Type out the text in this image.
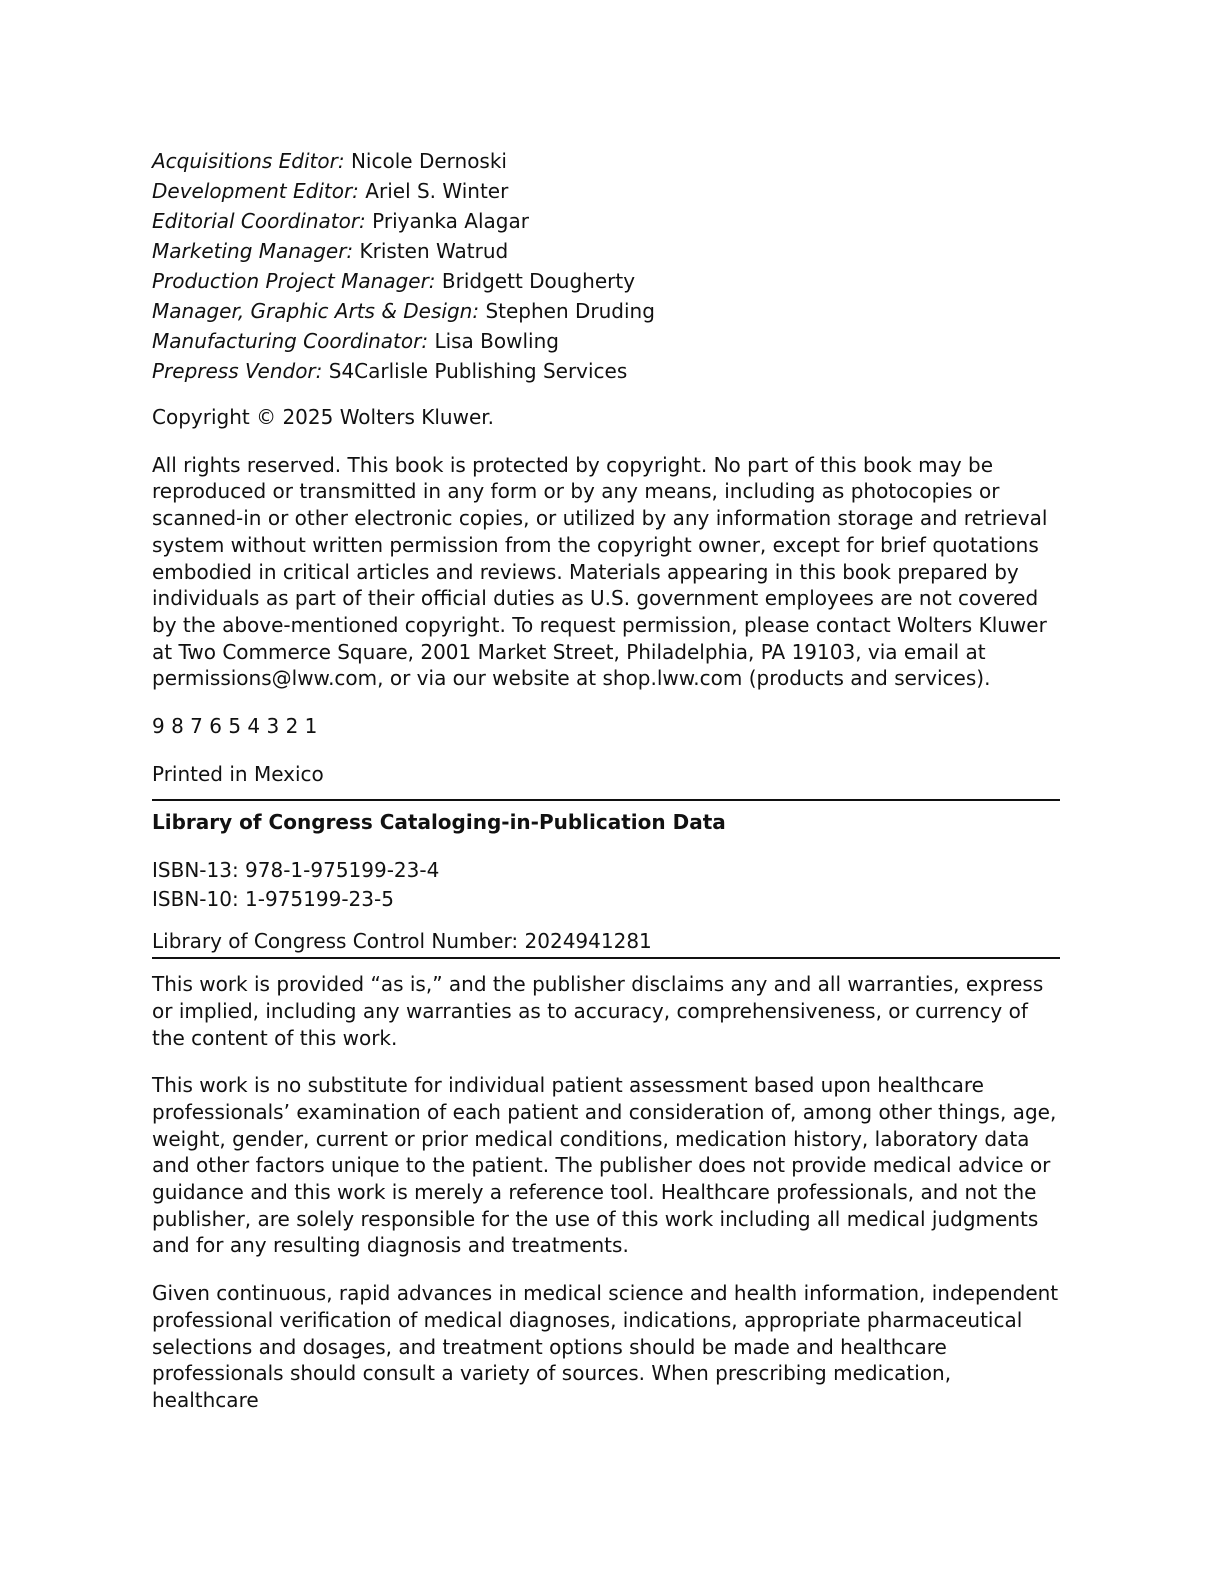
Acquisitions Editor: Nicole Dernoski
Development Editor: Ariel S. Winter
Editorial Coordinator: Priyanka Alagar
Marketing Manager: Kristen Watrud
Production Project Manager: Bridgett Dougherty
Manager, Graphic Arts & Design: Stephen Druding
Manufacturing Coordinator: Lisa Bowling
Prepress Vendor: S4Carlisle Publishing Services

Copyright © 2025 Wolters Kluwer.

All rights reserved. This book is protected by copyright. No part of this book may be reproduced or transmitted in any form or by any means, including as photocopies or scanned-in or other electronic copies, or utilized by any information storage and retrieval system without written permission from the copyright owner, except for brief quotations embodied in critical articles and reviews. Materials appearing in this book prepared by individuals as part of their official duties as U.S. government employees are not covered by the above-mentioned copyright. To request permission, please contact Wolters Kluwer at Two Commerce Square, 2001 Market Street, Philadelphia, PA 19103, via email at permissions@lww.com, or via our website at shop.lww.com (products and services).

9 8 7 6 5 4 3 2 1

Printed in Mexico

Library of Congress Cataloging-in-Publication Data
ISBN-13: 978-1-975199-23-4
ISBN-10: 1-975199-23-5

Library of Congress Control Number: 2024941281

This work is provided “as is,” and the publisher disclaims any and all warranties, express or implied, including any warranties as to accuracy, comprehensiveness, or currency of the content of this work.

This work is no substitute for individual patient assessment based upon healthcare professionals’ examination of each patient and consideration of, among other things, age, weight, gender, current or prior medical conditions, medication history, laboratory data and other factors unique to the patient. The publisher does not provide medical advice or guidance and this work is merely a reference tool. Healthcare professionals, and not the publisher, are solely responsible for the use of this work including all medical judgments and for any resulting diagnosis and treatments.

Given continuous, rapid advances in medical science and health information, independent professional verification of medical diagnoses, indications, appropriate pharmaceutical selections and dosages, and treatment options should be made and healthcare professionals should consult a variety of sources. When prescribing medication, healthcare
